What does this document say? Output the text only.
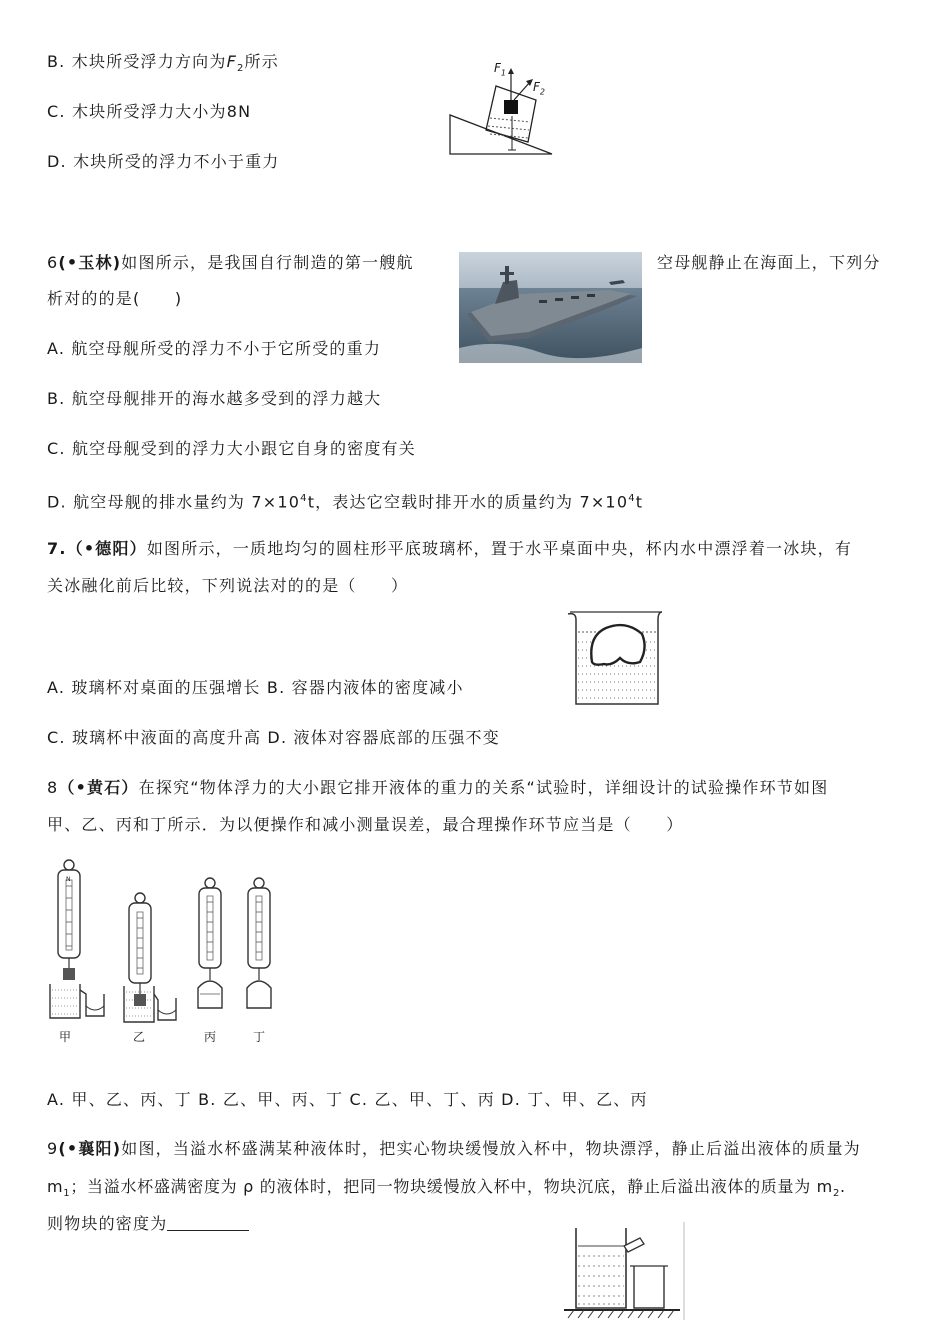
B. 木块所受浮力方向为$F_2$所示
C. 木块所受浮力大小为8N
D. 木块所受的浮力不小于重力
$F_1$
$F_2$
6(•玉林)如图所示，是我国自行制造的第一艘航	空母舰静止在海面上，下列分
析对的的是(　　)
A. 航空母舰所受的浮力不小于它所受的重力
B. 航空母舰排开的海水越多受到的浮力越大
C. 航空母舰受到的浮力大小跟它自身的密度有关
D. 航空母舰的排水量约为 $7\times 10^4t$，表达它空载时排开水的质量约为 $7\times 10^4t$
7.（•德阳）如图所示，一质地均匀的圆柱形平底玻璃杯，置于水平桌面中央，杯内水中漂浮着一冰块，有
关冰融化前后比较，下列说法对的的是（　　）
A. 玻璃杯对桌面的压强增长 B. 容器内液体的密度减小
C. 玻璃杯中液面的高度升高 D. 液体对容器底部的压强不变
8（•黄石）在探究“物体浮力的大小跟它排开液体的重力的关系“试验时，详细设计的试验操作环节如图
甲、乙、丙和丁所示．为以便操作和减小测量误差，最合理操作环节应当是（　　）
N
甲	乙	丙	丁
A. 甲、乙、丙、丁 B. 乙、甲、丙、丁 C. 乙、甲、丁、丙 D. 丁、甲、乙、丙
9(•襄阳)如图，当溢水杯盛满某种液体时，把实心物块缓慢放入杯中，物块漂浮，静止后溢出液体的质量为
$m_1$；当溢水杯盛满密度为 ρ 的液体时，把同一物块缓慢放入杯中，物块沉底，静止后溢出液体的质量为 $m_2$.
则物块的密度为
